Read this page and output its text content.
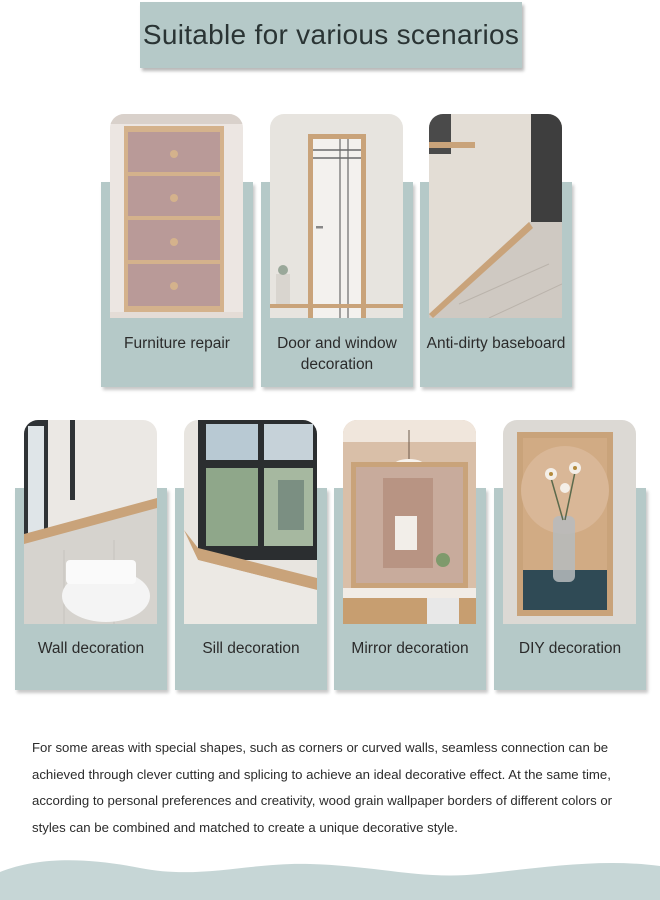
Suitable for various scenarios
Furniture repair	Door and window decoration
Anti-dirty baseboard
Wall decoration	Sill decoration	Mirror decoration	DIY decoration

For some areas with special shapes, such as corners or curved walls, seamless connection can be achieved through clever cutting and splicing to achieve an ideal decorative effect. At the same time, according to personal preferences and creativity, wood grain wallpaper borders of different colors or styles can be combined and matched to create a unique decorative style.
